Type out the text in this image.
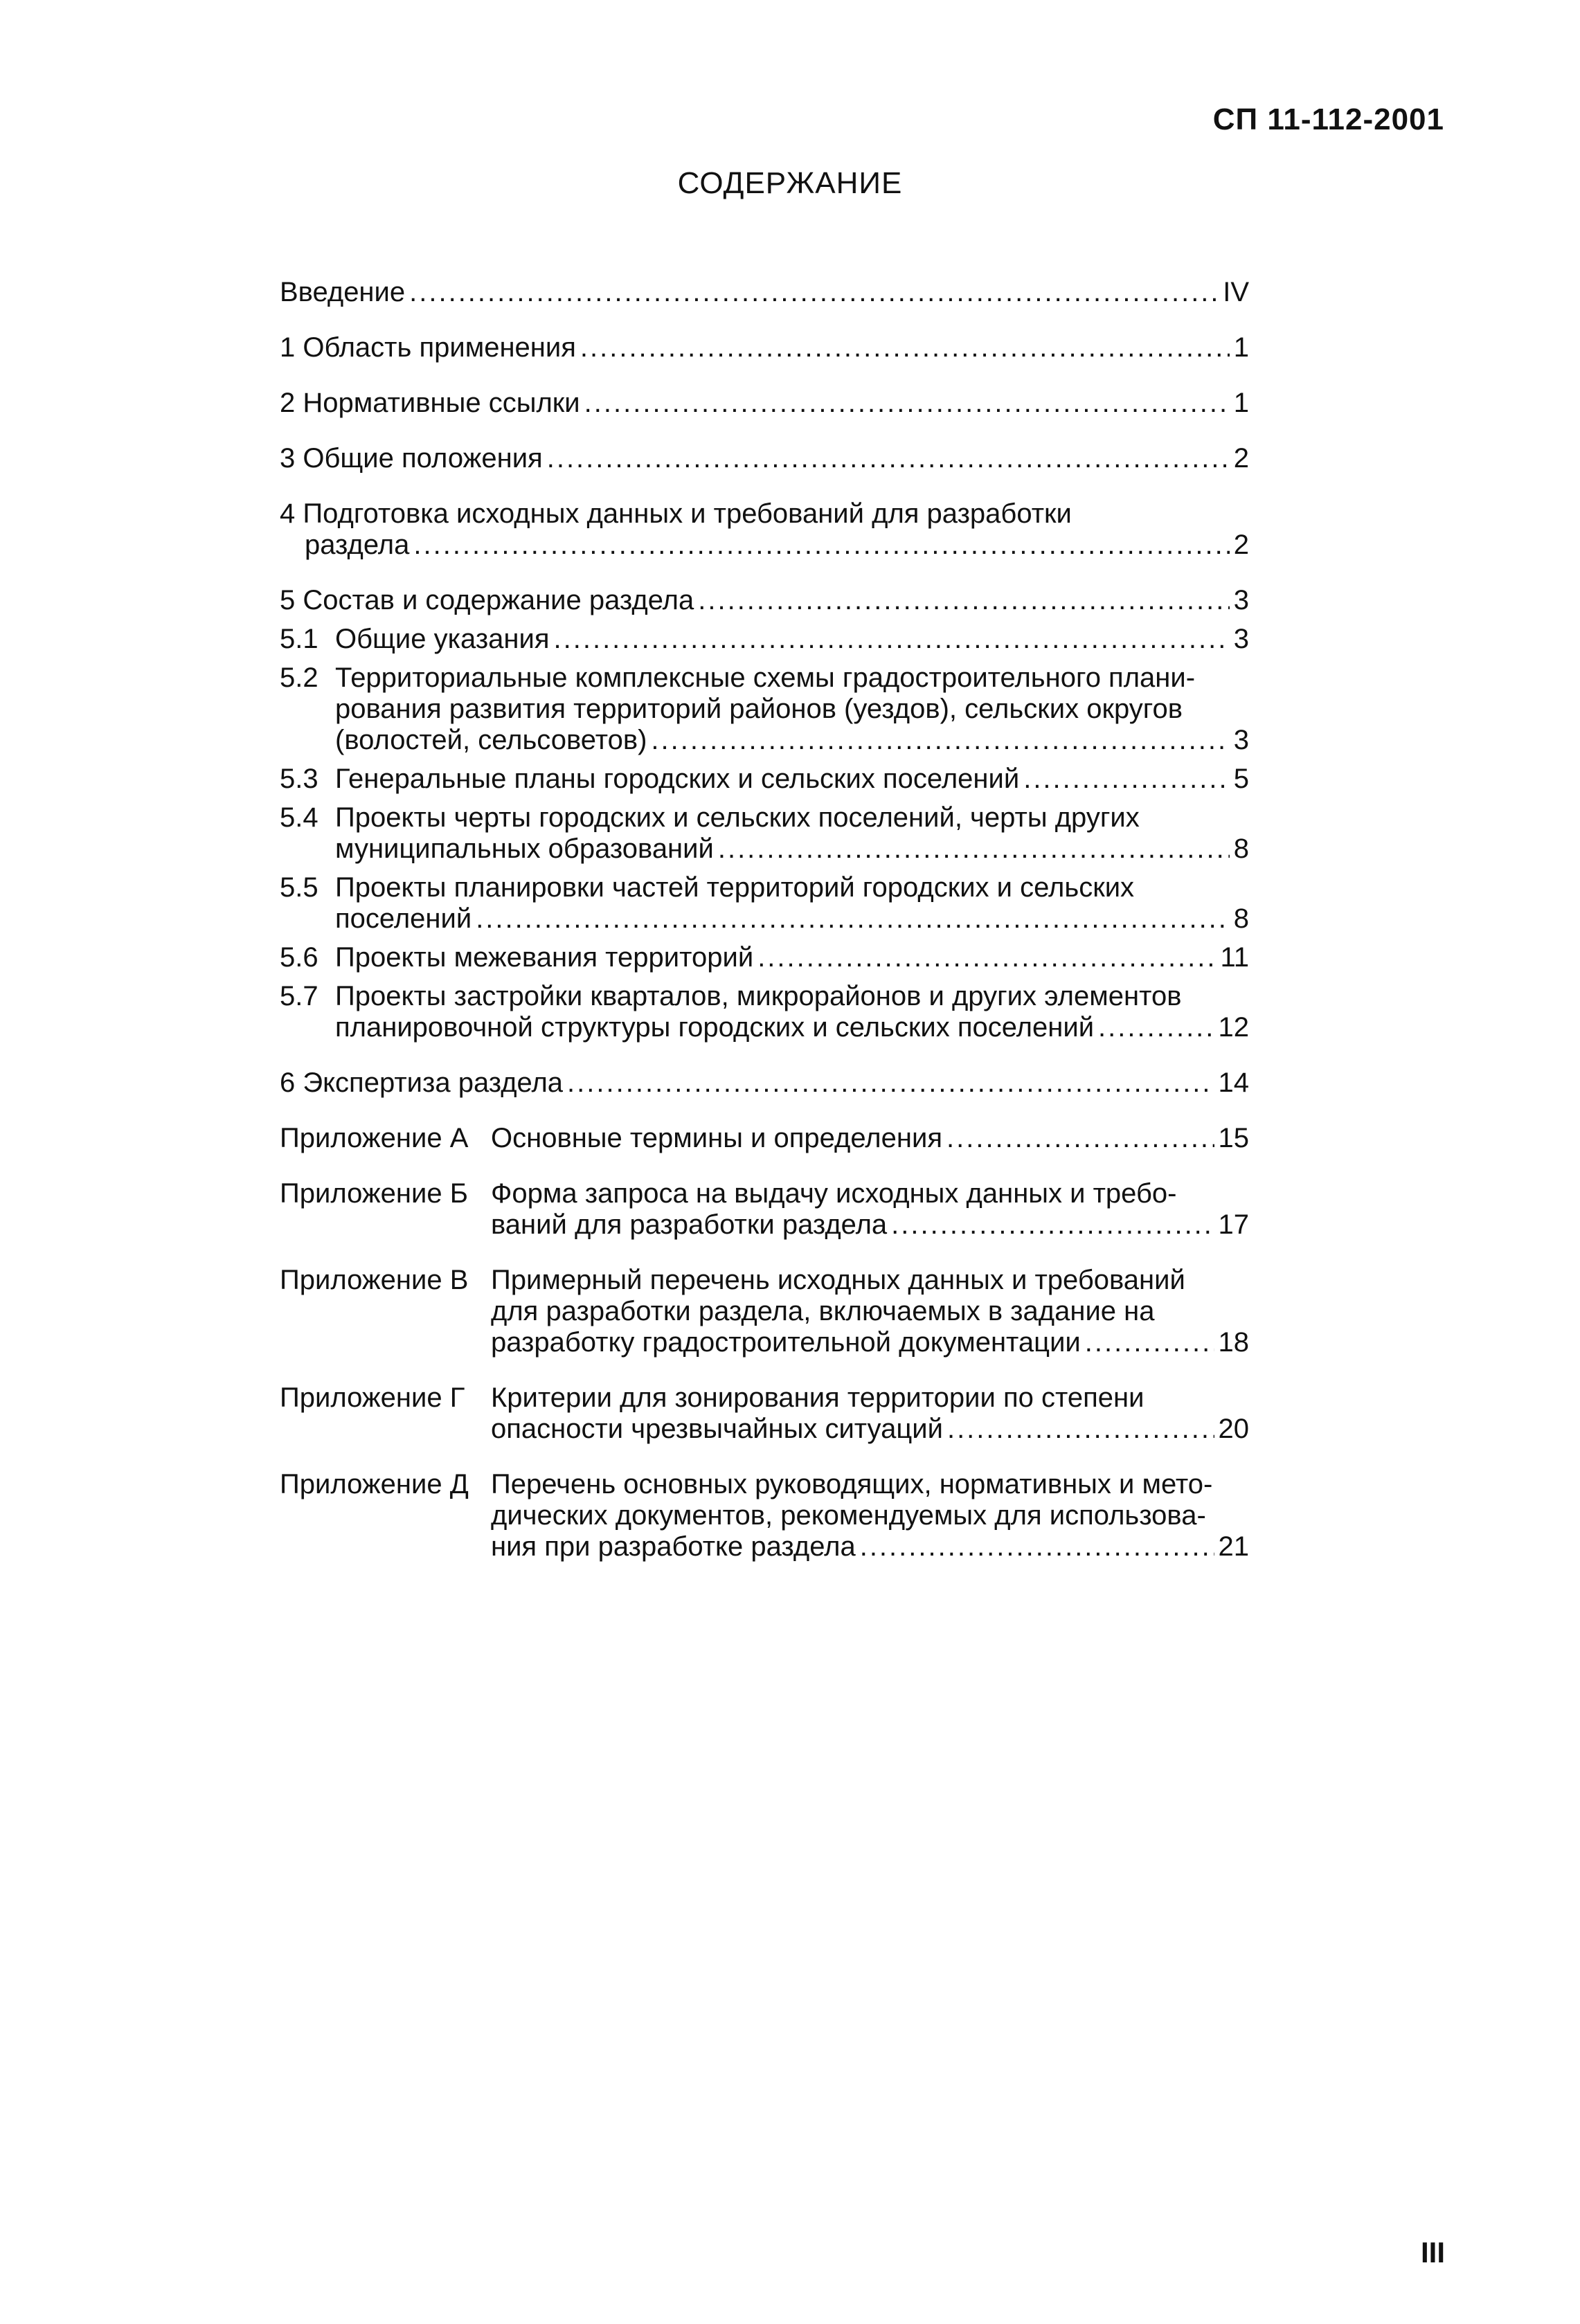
СП 11-112-2001
СОДЕРЖАНИЕ
Введение .....	IV
1 Область применения .....	1
2 Нормативные ссылки .....	1
3 Общие положения .....	2
4 Подготовка исходных данных и требований для разработки
раздела .....	2
5 Состав и содержание раздела .....	3
5.1 Общие указания .....	3
5.2 Территориальные комплексные схемы градостроительного плани-
рования развития территорий районов (уездов), сельских округов
(волостей, сельсоветов) .....	3
5.3 Генеральные планы городских и сельских поселений .....	5
5.4 Проекты черты городских и сельских поселений, черты других
муниципальных образований .....	8
5.5 Проекты планировки частей территорий городских и сельских
поселений .....	8
5.6 Проекты межевания территорий .....	11
5.7 Проекты застройки кварталов, микрорайонов и других элементов
планировочной структуры городских и сельских поселений .....	12
6 Экспертиза раздела .....	14
Приложение А Основные термины и определения .....	15
Приложение Б Форма запроса на выдачу исходных данных и требо-
ваний для разработки раздела .....	17
Приложение В Примерный перечень исходных данных и требований
для разработки раздела, включаемых в задание на
разработку градостроительной документации .....	18
Приложение Г Критерии для зонирования территории по степени
опасности чрезвычайных ситуаций .....	20
Приложение Д Перечень основных руководящих, нормативных и мето-
дических документов, рекомендуемых для использова-
ния при разработке раздела .....	21
III
